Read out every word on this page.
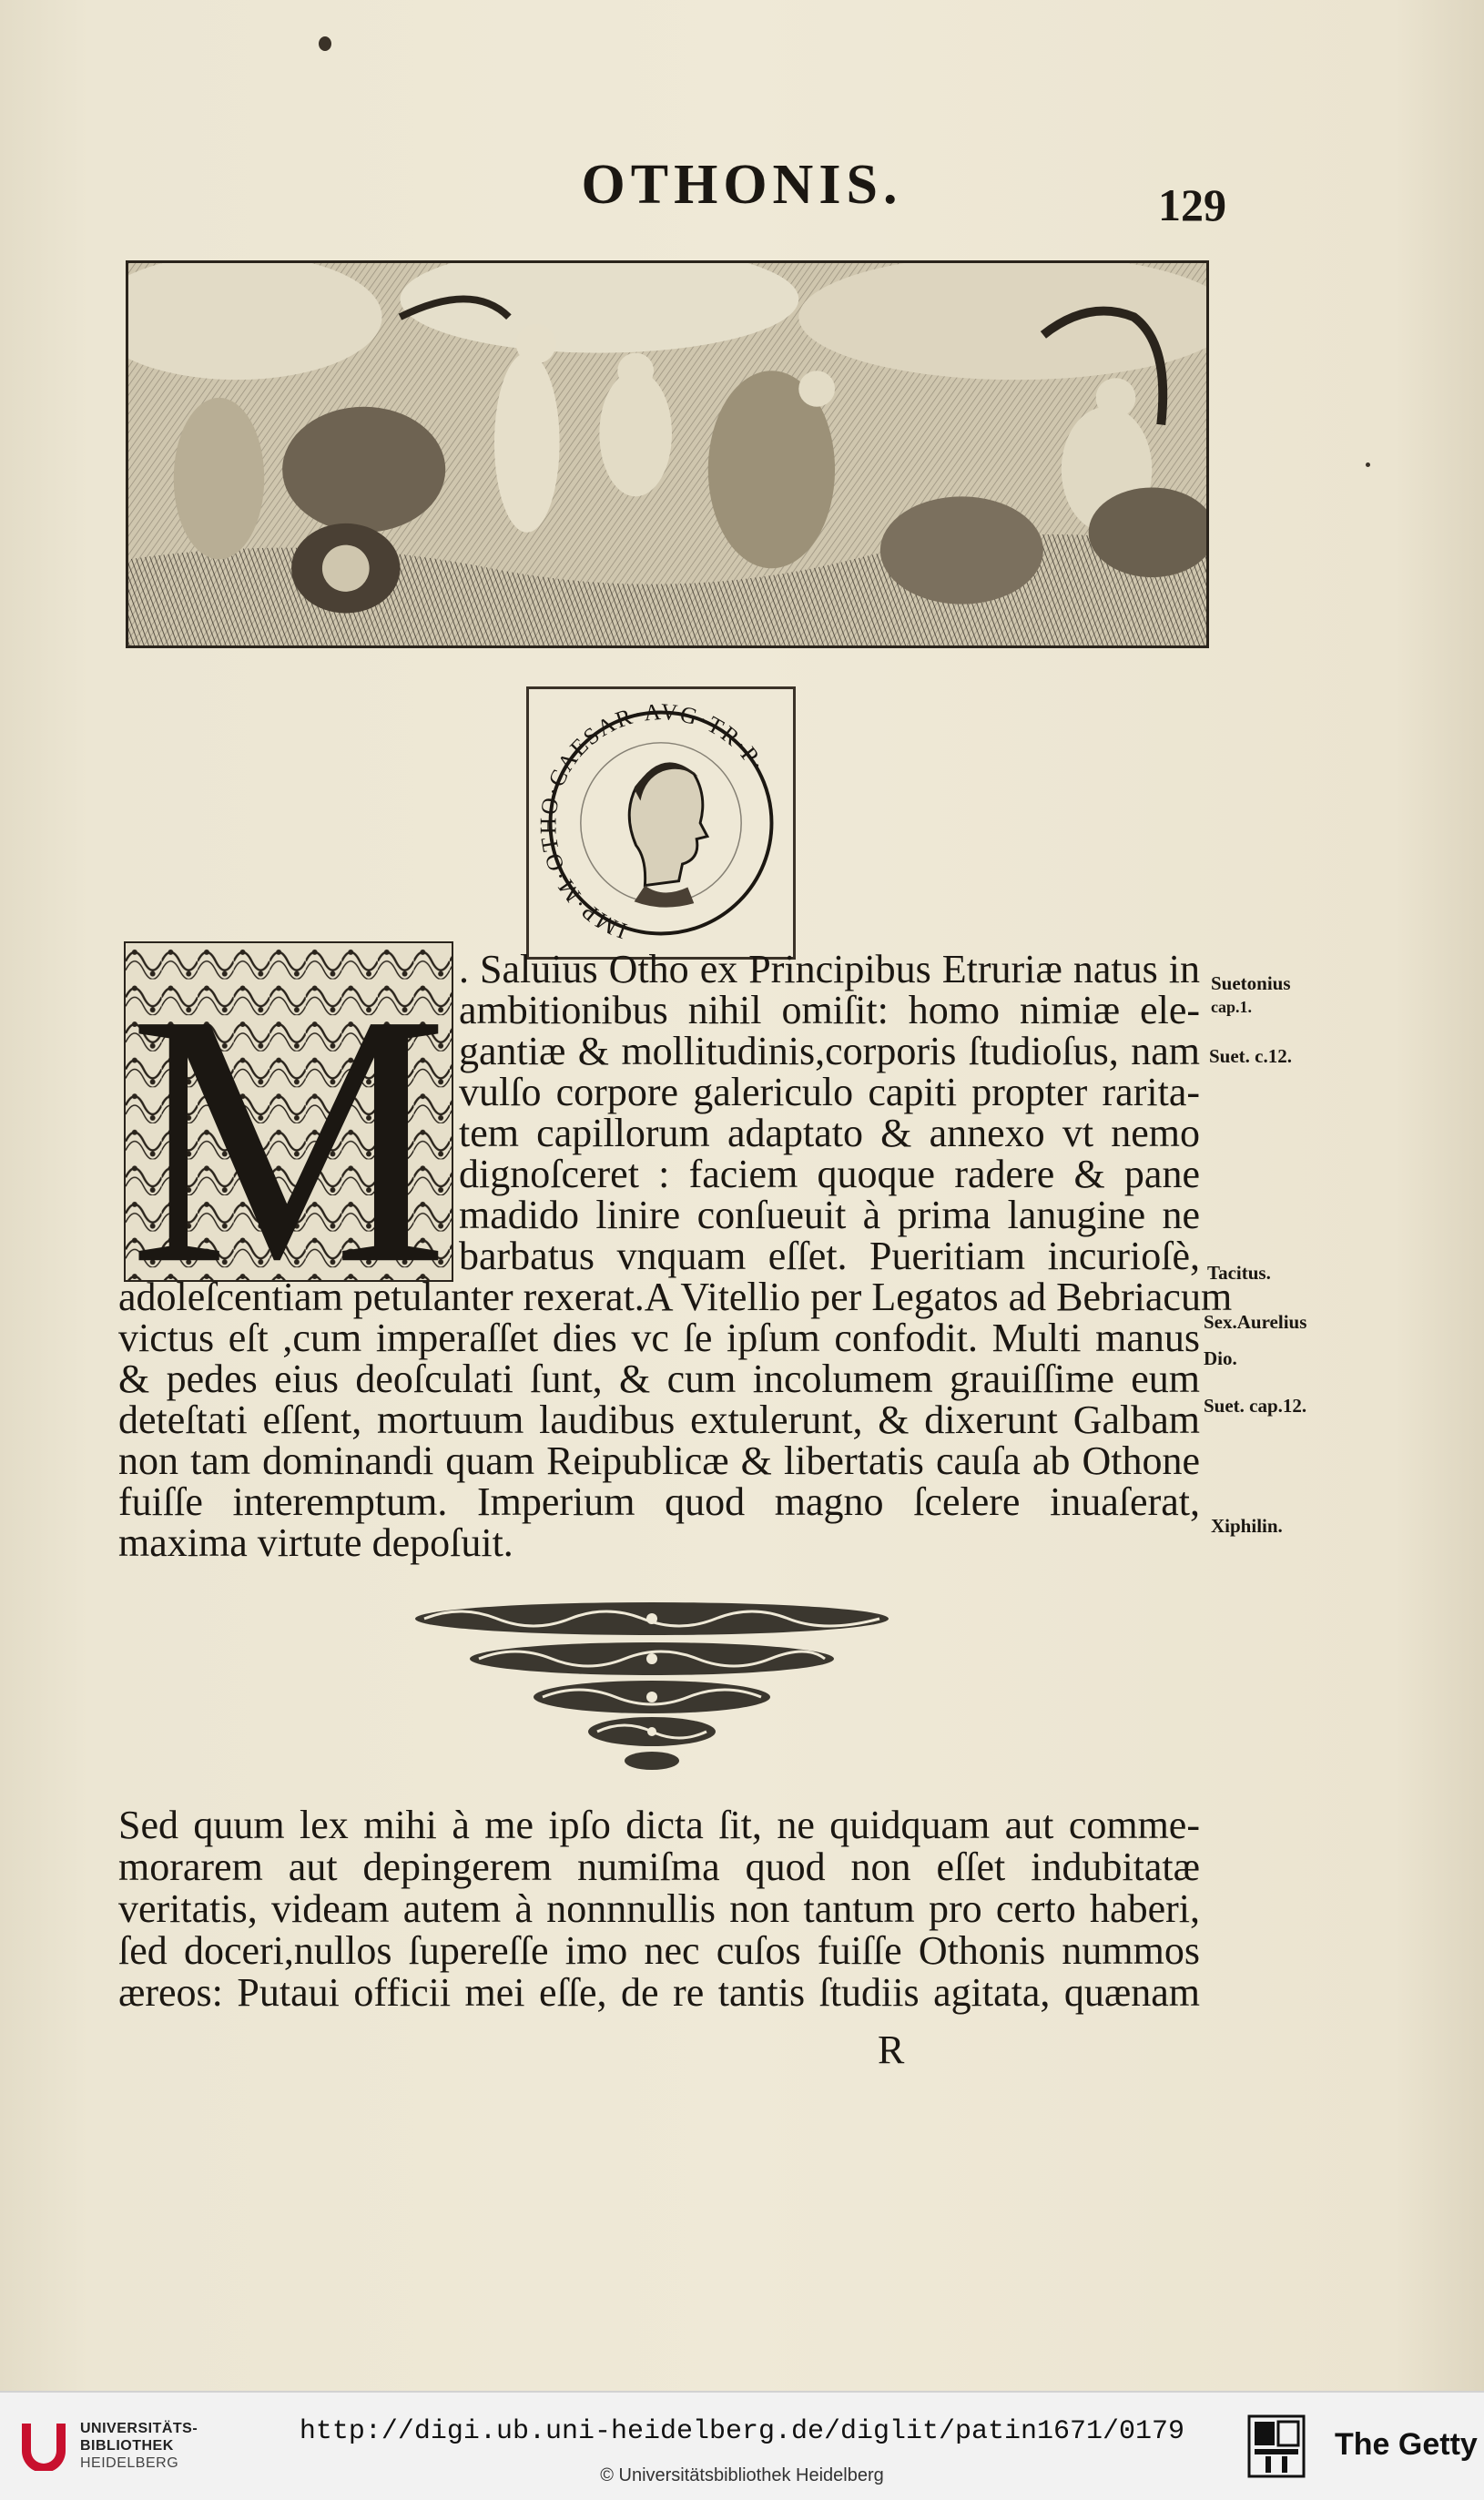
OTHONIS.	129
IMP·M·OTHO·CAESAR·AVG·TR·P·
M . Saluius Otho ex Principibus Etruriæ natus in
ambitionibus nihil omiſit: homo nimiæ ele-
gantiæ & mollitudinis,corporis ſtudioſus, nam
vulſo corpore galericulo capiti propter rarita-
tem capillorum adaptato & annexo vt nemo
dignoſceret : faciem quoque radere & pane
madido linire conſueuit à prima lanugine ne
barbatus vnquam eſſet. Pueritiam incurioſè,
adoleſcentiam petulanter rexerat.A Vitellio per Legatos ad Bebriacum
victus eſt ,cum imperaſſet dies vc ſe ipſum confodit. Multi manus
& pedes eius deoſculati ſunt, & cum incolumem grauiſſime eum
deteſtati eſſent, mortuum laudibus extulerunt, & dixerunt Galbam
non tam dominandi quam Reipublicæ & libertatis cauſa ab Othone
fuiſſe interemptum. Imperium quod magno ſcelere inuaſerat,
maxima virtute depoſuit.
Suetonius
cap.1.
Suet. c.12.
Tacitus.
Sex.Aurelius
Dio.
Suet. cap.12.
Xiphilin.
Sed quum lex mihi à me ipſo dicta ſit, ne quidquam aut comme-
morarem aut depingerem numiſma quod non eſſet indubitatæ
veritatis, videam autem à nonnnullis non tantum pro certo haberi,
ſed doceri,nullos ſupereſſe imo nec cuſos fuiſſe Othonis nummos
æreos: Putaui officii mei eſſe, de re tantis ſtudiis agitata, quænam
R
UNIVERSITÄTS-
BIBLIOTHEK
HEIDELBERG
http://digi.ub.uni-heidelberg.de/diglit/patin1671/0179
© Universitätsbibliothek Heidelberg
The Getty
